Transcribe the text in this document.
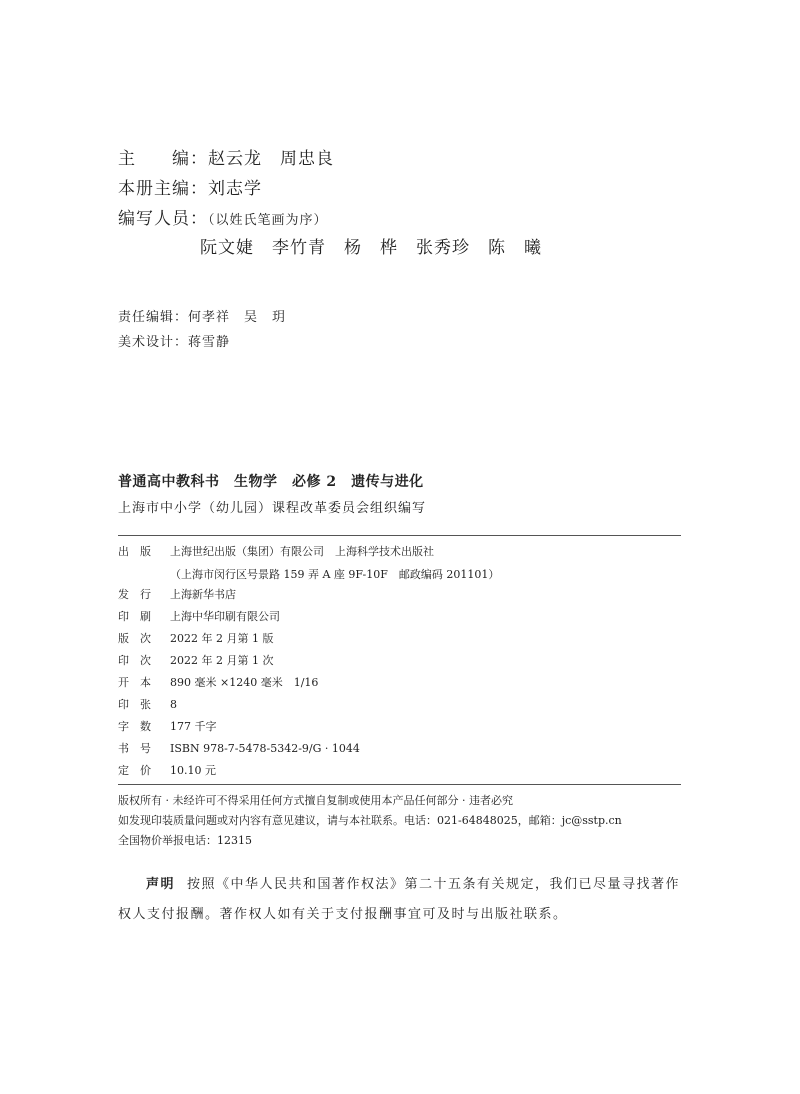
主　　编：赵云龙　周忠良
本册主编：刘志学
编写人员：（以姓氏笔画为序）
阮文婕 李竹青 杨　桦 张秀珍 陈　曦
责任编辑：何孝祥　吴　玥
美术设计：蒋雪静
普通高中教科书　生物学　必修 2　遗传与进化
上海市中小学（幼儿园）课程改革委员会组织编写
出　版 上海世纪出版（集团）有限公司　上海科学技术出版社
（上海市闵行区号景路 159 弄 A 座 9F-10F　邮政编码 201101）
发　行 上海新华书店
印　刷 上海中华印刷有限公司
版　次 2022 年 2 月第 1 版
印　次 2022 年 2 月第 1 次
开　本 890 毫米 ×1240 毫米　1/16
印　张 8
字　数 177 千字
书　号 ISBN 978-7-5478-5342-9/G · 1044
定　价 10.10 元
版权所有 · 未经许可不得采用任何方式擅自复制或使用本产品任何部分 · 违者必究
如发现印装质量问题或对内容有意见建议，请与本社联系。电话：021-64848025，邮箱：jc@sstp.cn
全国物价举报电话：12315
声明 按照《中华人民共和国著作权法》第二十五条有关规定，我们已尽量寻找著作权人支付报酬。著作权人如有关于支付报酬事宜可及时与出版社联系。
